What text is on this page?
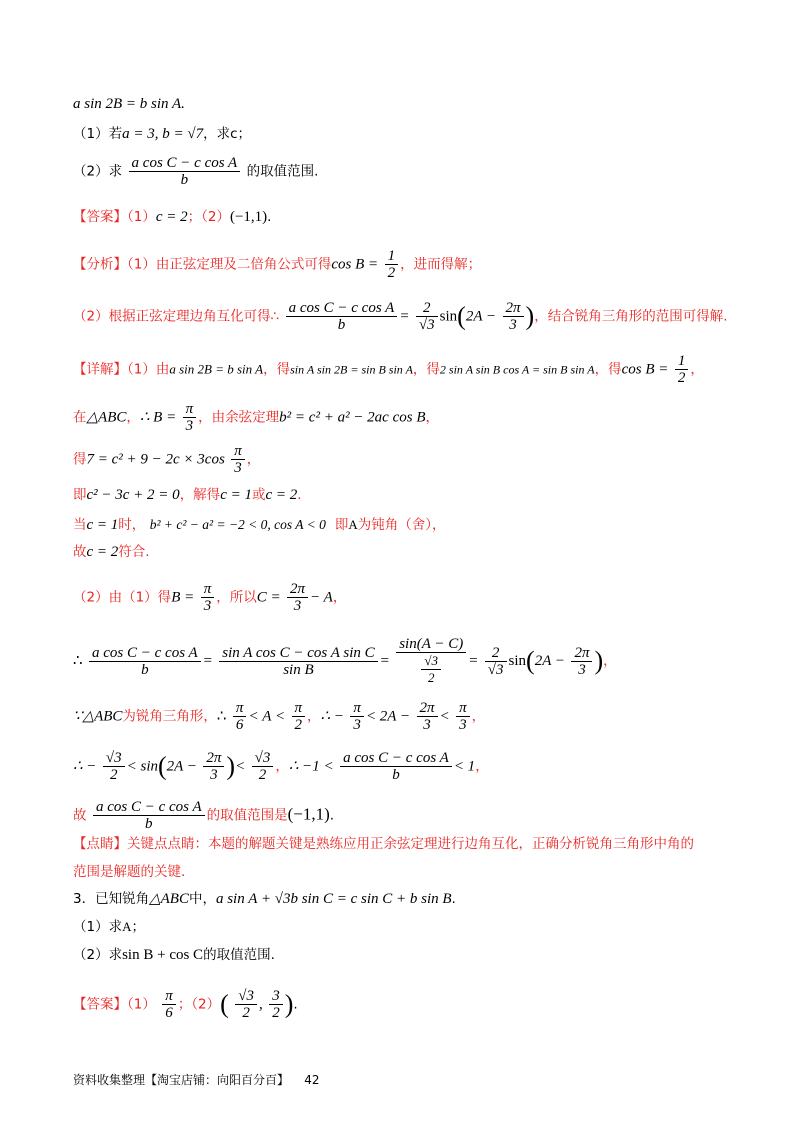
a sin 2B = b sin A.
（1）若a = 3, b = √7，求c；
（2）求 $\frac{\text{a cos C − c cos A}}{b}$ 的取值范围.
【答案】（1）c = 2；（2）(−1,1).
【分析】（1）由正弦定理及二倍角公式可得$\cos B = \frac{1}{2}$ ，进而得解；
（2）根据正弦定理边角互化可得∴ $\frac{\text{a cos C − c cos A}}{b} = \frac{2}{√3} \sin(2A - \frac{2\pi}{3}$ )，结合锐角三角形的范围可得解.
【详解】（1）由a sin 2B = b sin A，得sin A sin 2B = sin B sin A，得2 sin A sin B cos A = sin B sin A，得$\cos B = \frac{1}{2}$ ，
在△ABC，∴ $B = \frac{\pi}{3}$ ，由余弦定理b² = c² + a² − 2ac cos B，
得$7 = c^2 + 9 - 2c \times 3\cos \frac{\pi}{3}$ ，
即c² − 3c + 2 = 0，解得c = 1或c = 2.
当c = 1时， b² + c² − a² = −2 < 0, cos A < 0 即A为钝角（舍），
故c = 2符合.
（2）由（1）得$B = \frac{\pi}{3}$ ，所以$C = \frac{2\pi}{3} - A$，
∴ $\frac{\text{a cos C − c cos A}}{b} = \frac{\text{sin A cos C − cos A sin C}}{\text{sin B}} = \frac{\sin(A - C)}{\frac{√3}{2}} = \frac{2}{√3} \sin(2A - \frac{2\pi}{3}$ )，
∵△ABC为锐角三角形，∴ $\frac{\pi}{6} < A < \frac{\pi}{2}$ ，∴ − $\frac{\pi}{3} < 2A - \frac{2\pi}{3} < \frac{\pi}{3}$ ，
∴ − $\frac{√3}{2} < \sin(2A - \frac{2\pi}{3}$ )< $\frac{√3}{2}$ ，∴ $-1 < \frac{\text{a cos C − c cos A}}{b} < 1$，
故 $\frac{\text{a cos C − c cos A}}{b}$ 的取值范围是(−1,1).
【点睛】关键点点睛：本题的解题关键是熟练应用正余弦定理进行边角互化，正确分析锐角三角形中角的
范围是解题的关键.
3．已知锐角△ABC中，a sin A + √3b sin C = c sin C + b sin B.
（1）求A；
（2）求sin B + cos C的取值范围.
【答案】$(1) \frac{\pi}{6}$ ；$(2)( \frac{√3}{2}$ , $\frac{3}{2}$ ).
资料收集整理【淘宝店铺：向阳百分百】 42
